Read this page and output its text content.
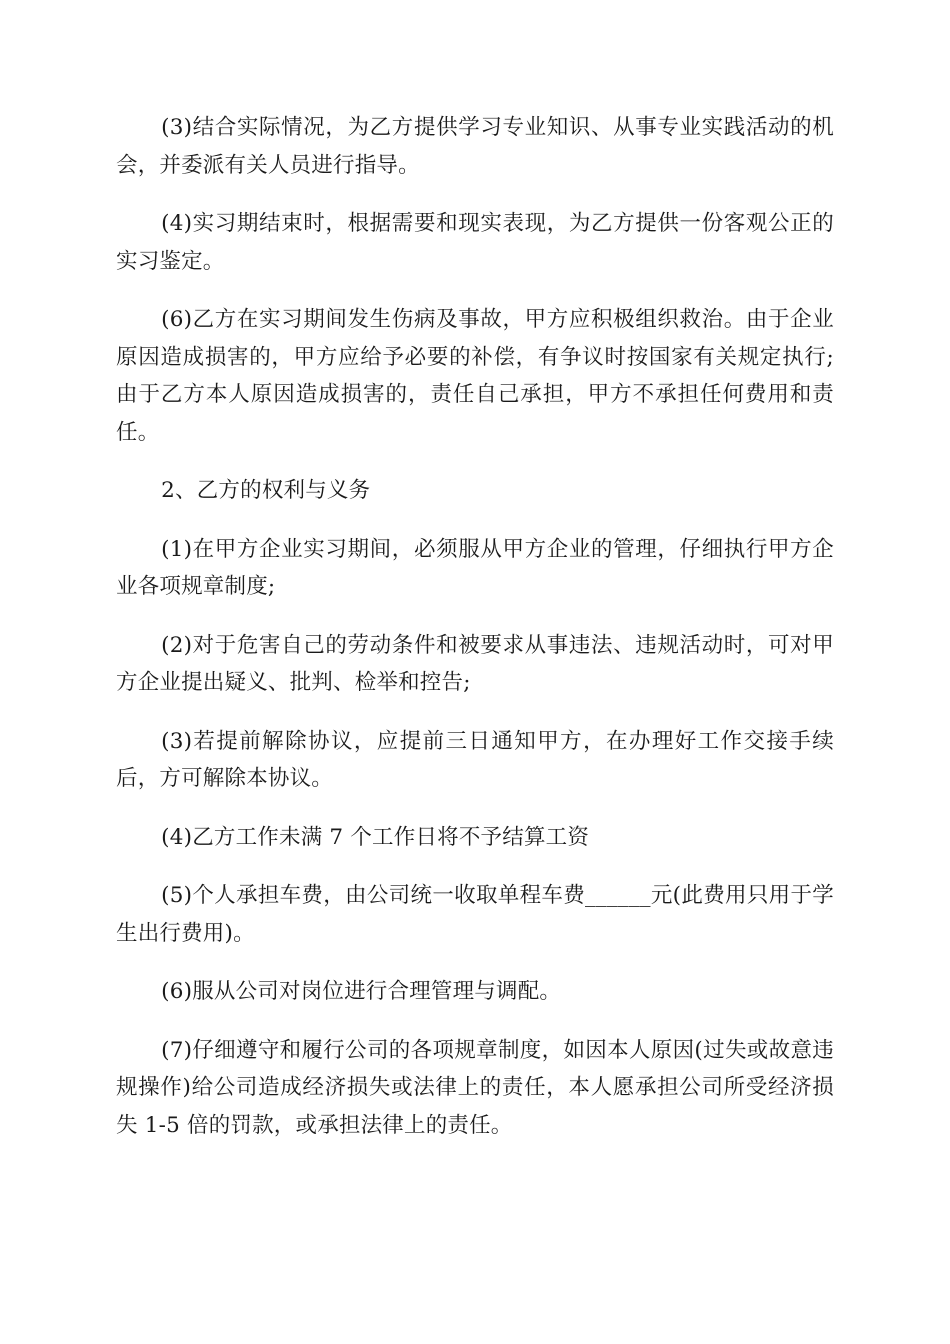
(3)结合实际情况，为乙方提供学习专业知识、从事专业实践活动的机会，并委派有关人员进行指导。

(4)实习期结束时，根据需要和现实表现，为乙方提供一份客观公正的实习鉴定。

(6)乙方在实习期间发生伤病及事故，甲方应积极组织救治。由于企业原因造成损害的，甲方应给予必要的补偿，有争议时按国家有关规定执行;由于乙方本人原因造成损害的，责任自己承担，甲方不承担任何费用和责任。

2、乙方的权利与义务

(1)在甲方企业实习期间，必须服从甲方企业的管理，仔细执行甲方企业各项规章制度;

(2)对于危害自己的劳动条件和被要求从事违法、违规活动时，可对甲方企业提出疑义、批判、检举和控告;

(3)若提前解除协议，应提前三日通知甲方，在办理好工作交接手续后，方可解除本协议。

(4)乙方工作未满 7 个工作日将不予结算工资

(5)个人承担车费，由公司统一收取单程车费______元(此费用只用于学生出行费用)。

(6)服从公司对岗位进行合理管理与调配。

(7)仔细遵守和履行公司的各项规章制度，如因本人原因(过失或故意违规操作)给公司造成经济损失或法律上的责任，本人愿承担公司所受经济损失 1-5 倍的罚款，或承担法律上的责任。
